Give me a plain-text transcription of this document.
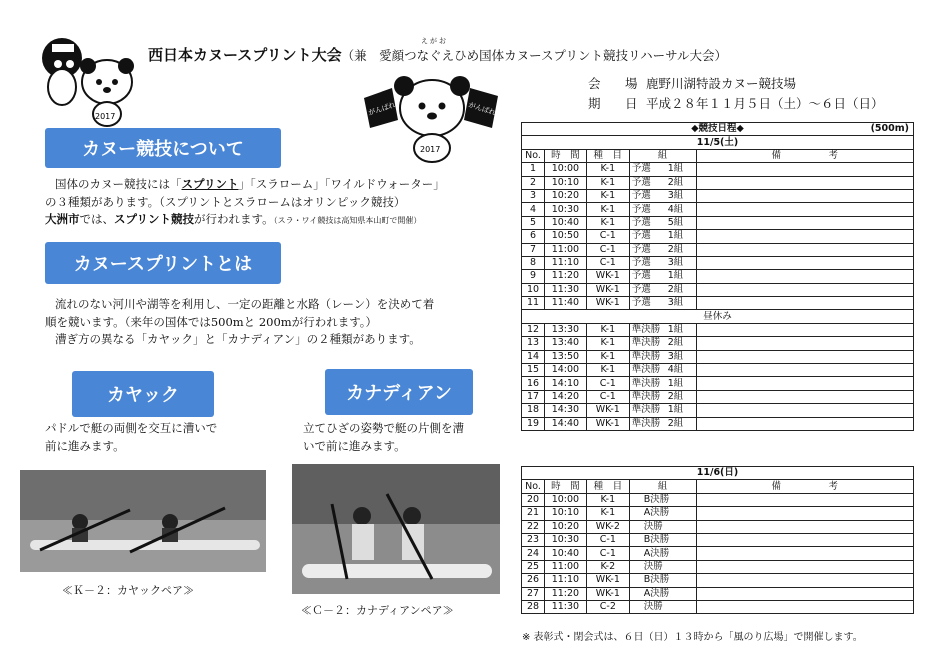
2017
2017
がんばれ	がんばれ
えがお
西日本カヌースプリント大会（兼　愛顔つなぐえひめ国体カヌースプリント競技リハーサル大会）
会　場 鹿野川湖特設カヌー競技場
期　日 平成２８年１１月５日（土）～６日（日）
カヌー競技について
国体のカヌー競技には「スプリント」「スラローム」「ワイルドウォーター」
の３種類があります。（スプリントとスラロームはオリンピック競技）
大洲市では、スプリント競技が行われます。（スラ・ワイ競技は高知県本山町で開催）
カヌースプリントとは
流れのない河川や湖等を利用し、一定の距離と水路（レーン）を決めて着
順を競います。（来年の国体では500mと 200mが行われます。）
漕ぎ方の異なる「カヤック」と「カナディアン」の２種類があります。
カヤック	カナディアン
パドルで艇の両側を交互に漕いで
前に進みます。
立てひざの姿勢で艇の片側を漕
いで前に進みます。
≪Ｋ－２：カヤックペア≫
≪Ｃ－２：カナディアンペア≫
◆競技日程◆ (500m)				

11/5(土)				
No.	時　間	種　目	組	備　　　　　考
1	10:00	K-1	予選 1組	
2	10:10	K-1	予選 2組	
3	10:20	K-1	予選 3組	
4	10:30	K-1	予選 4組	
5	10:40	K-1	予選 5組	
6	10:50	C-1	予選 1組	
7	11:00	C-1	予選 2組	
8	11:10	C-1	予選 3組	
9	11:20	WK-1	予選 1組	
10	11:30	WK-1	予選 2組	
11	11:40	WK-1	予選 3組	
昼休み				
12	13:30	K-1	準決勝 1組	
13	13:40	K-1	準決勝 2組	
14	13:50	K-1	準決勝 3組	
15	14:00	K-1	準決勝 4組	
16	14:10	C-1	準決勝 1組	
17	14:20	C-1	準決勝 2組	
18	14:30	WK-1	準決勝 1組	
19	14:40	WK-1	準決勝 2組	
11/6(日)				
No.	時　間	種　目	組	備　　　　　考
20	10:00	K-1	B決勝	
21	10:10	K-1	A決勝	
22	10:20	WK-2	決勝	
23	10:30	C-1	B決勝	
24	10:40	C-1	A決勝	
25	11:00	K-2	決勝	
26	11:10	WK-1	B決勝	
27	11:20	WK-1	A決勝	
28	11:30	C-2	決勝	
※ 表彰式・閉会式は、６日（日）１３時から「風のり広場」で開催します。
